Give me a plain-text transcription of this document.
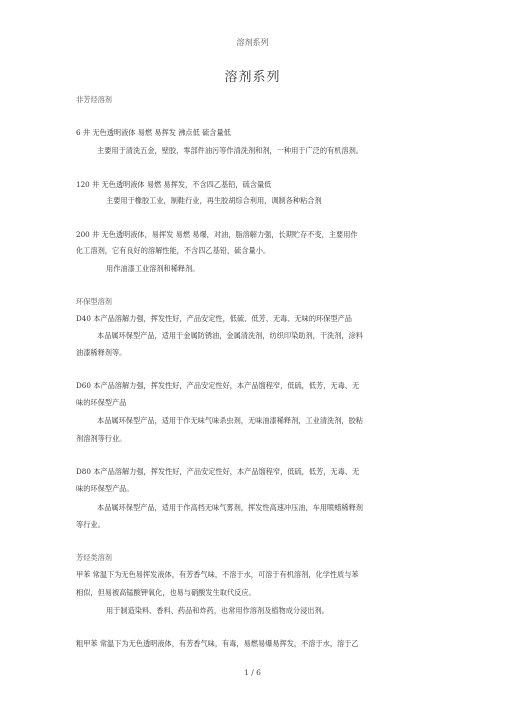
溶剂系列
溶剂系列
非芳烃溶剂
6 井 无色透明液体 易燃 易挥发 沸点低 硫含量低
主要用于清洗五金，壁胶，零部件油污等作清洗剂和剂，一种用于广泛的有机溶剂。
120 井 无色透明液体 易燃 易挥发，不含四乙基铅，硫含量低
主要用于橡胶工业，制鞋行业，再生胶胡综合利用，调制各种粘合剂
200 井 无色透明液体，易挥发 易燃 易爆，对油，脂溶解力强，长期贮存不变，主要用作
化工溶剂，它有良好的溶解性能，不含四乙基铅，硫含量小。
用作油漆工业溶剂和稀释剂。
环保型溶剂
D40 本产品溶解力强，挥发性好，产品安定性，低硫、低芳、无毒、无味的环保型产品
本品属环保型产品，适用于金属防锈油，金属清洗剂，纺织印染助剂，干洗剂，涂料
油漆稀释剂等。
D60 本产品溶解力强，挥发性好，产品安定性好，本产品馏程窄，低硫，低芳，无毒、无
味的环保型产品
本品属环保型产品，适用于作无味气味杀虫剂，无味油漆稀释剂，工业清洗剂，胶粘
剂溶剂等行业。
D80 本产品溶解力强，挥发性好，产品安定性好，本产品馏程窄，低硫，低芳，无毒、无
味的环保型产品。
本品属环保型产品，适用于作高档无味气雾剂，挥发性高速冲压油，车用喷蜡稀释剂
等行业。
芳烃类溶剂
甲苯 常温下为无色易挥发液体，有芳香气味，不溶于水，可溶于有机溶剂，化学性质与苯
相似，但易被高锰酸钾氧化，也易与硝酸发生取代反应。
用于制造染料、香料、药品和炸药，也常用作溶剂及植物成分浸出剂。
粗甲苯 常温下为无色透明液体，有芳香气味，有毒，易燃易爆易挥发，不溶于水，溶于乙
1 / 6
